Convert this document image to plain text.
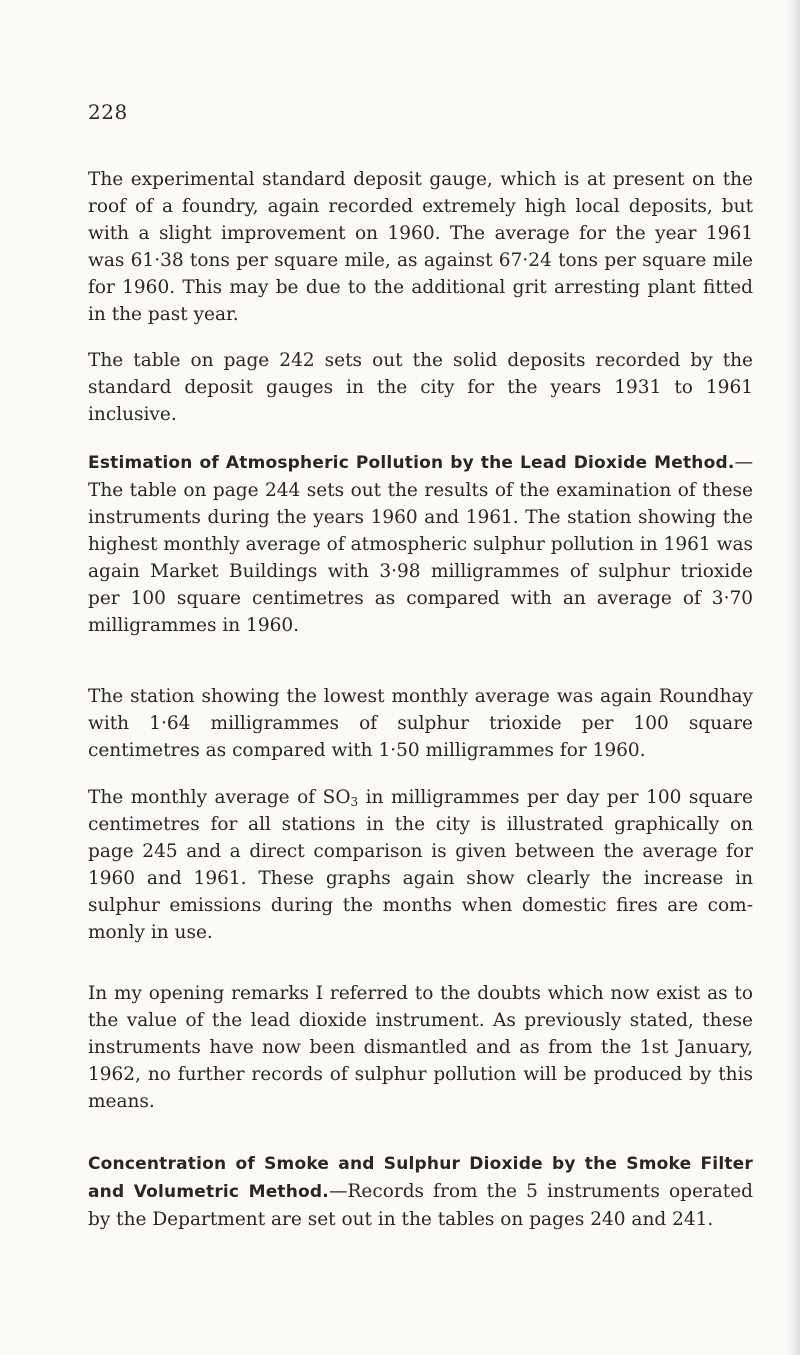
228

The experimental standard deposit gauge, which is at present on the roof of a foundry, again recorded extremely high local deposits, but with a slight improvement on 1960. The average for the year 1961 was 61·38 tons per square mile, as against 67·24 tons per square mile for 1960. This may be due to the additional grit arresting plant fitted in the past year.

The table on page 242 sets out the solid deposits recorded by the standard deposit gauges in the city for the years 1931 to 1961 inclusive.

Estimation of Atmospheric Pollution by the Lead Dioxide Method.—The table on page 244 sets out the results of the examination of these instruments during the years 1960 and 1961. The station showing the highest monthly average of atmospheric sulphur pollution in 1961 was again Market Buildings with 3·98 milligrammes of sulphur trioxide per 100 square centimetres as compared with an average of 3·70 milligrammes in 1960.

The station showing the lowest monthly average was again Roundhay with 1·64 milligrammes of sulphur trioxide per 100 square centimetres as compared with 1·50 milligrammes for 1960.

The monthly average of $SO_3$ in milligrammes per day per 100 square centimetres for all stations in the city is illustrated graphically on page 245 and a direct comparison is given between the average for 1960 and 1961. These graphs again show clearly the increase in sulphur emissions during the months when domestic fires are commonly in use.

In my opening remarks I referred to the doubts which now exist as to the value of the lead dioxide instrument. As previously stated, these instruments have now been dismantled and as from the 1st January, 1962, no further records of sulphur pollution will be produced by this means.

Concentration of Smoke and Sulphur Dioxide by the Smoke Filter and Volumetric Method.—Records from the 5 instruments operated by the Department are set out in the tables on pages 240 and 241.
